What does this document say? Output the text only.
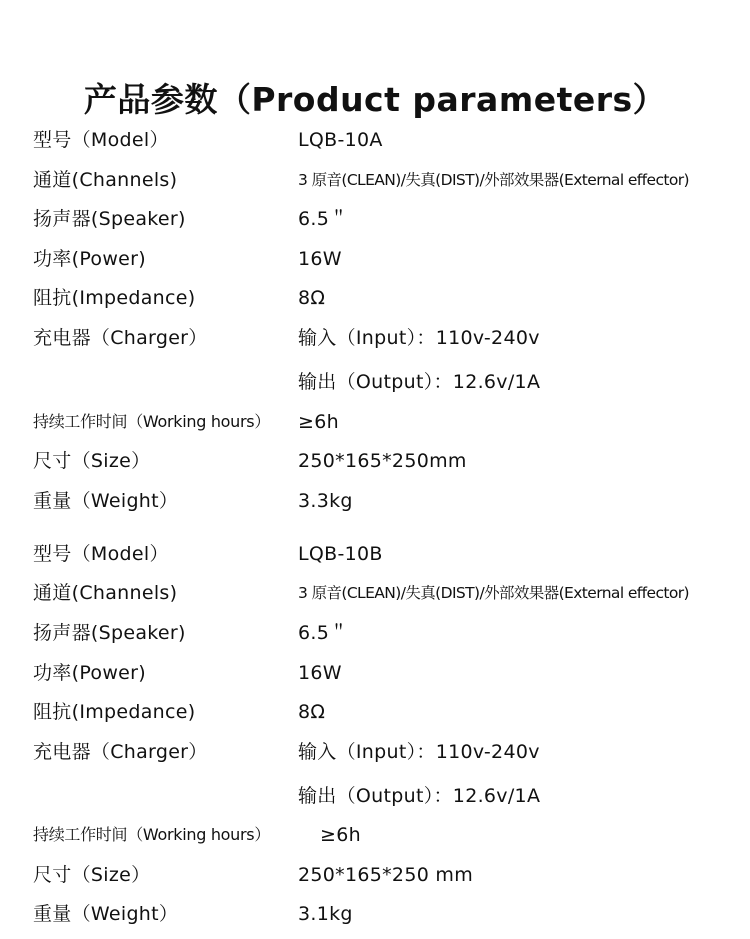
产品参数（Product parameters）
型号（Model）	LQB-10A
通道(Channels)	3 原音(CLEAN)/失真(DIST)/外部效果器(External effector)
扬声器(Speaker)	6.5＂
功率(Power)	16W
阻抗(Impedance)	8Ω
充电器（Charger）	输入（Input）：110v-240v
输出（Output）：12.6v/1A
持续工作时间（Working hours） ≥6h
尺寸（Size）	250*165*250mm
重量（Weight）	3.3kg
型号（Model）	LQB-10B
通道(Channels)	3 原音(CLEAN)/失真(DIST)/外部效果器(External effector)
扬声器(Speaker)	6.5＂
功率(Power)	16W
阻抗(Impedance)	8Ω
充电器（Charger）	输入（Input）：110v-240v
输出（Output）：12.6v/1A
持续工作时间（Working hours）	≥6h
尺寸（Size）	250*165*250 mm
重量（Weight）	3.1kg
